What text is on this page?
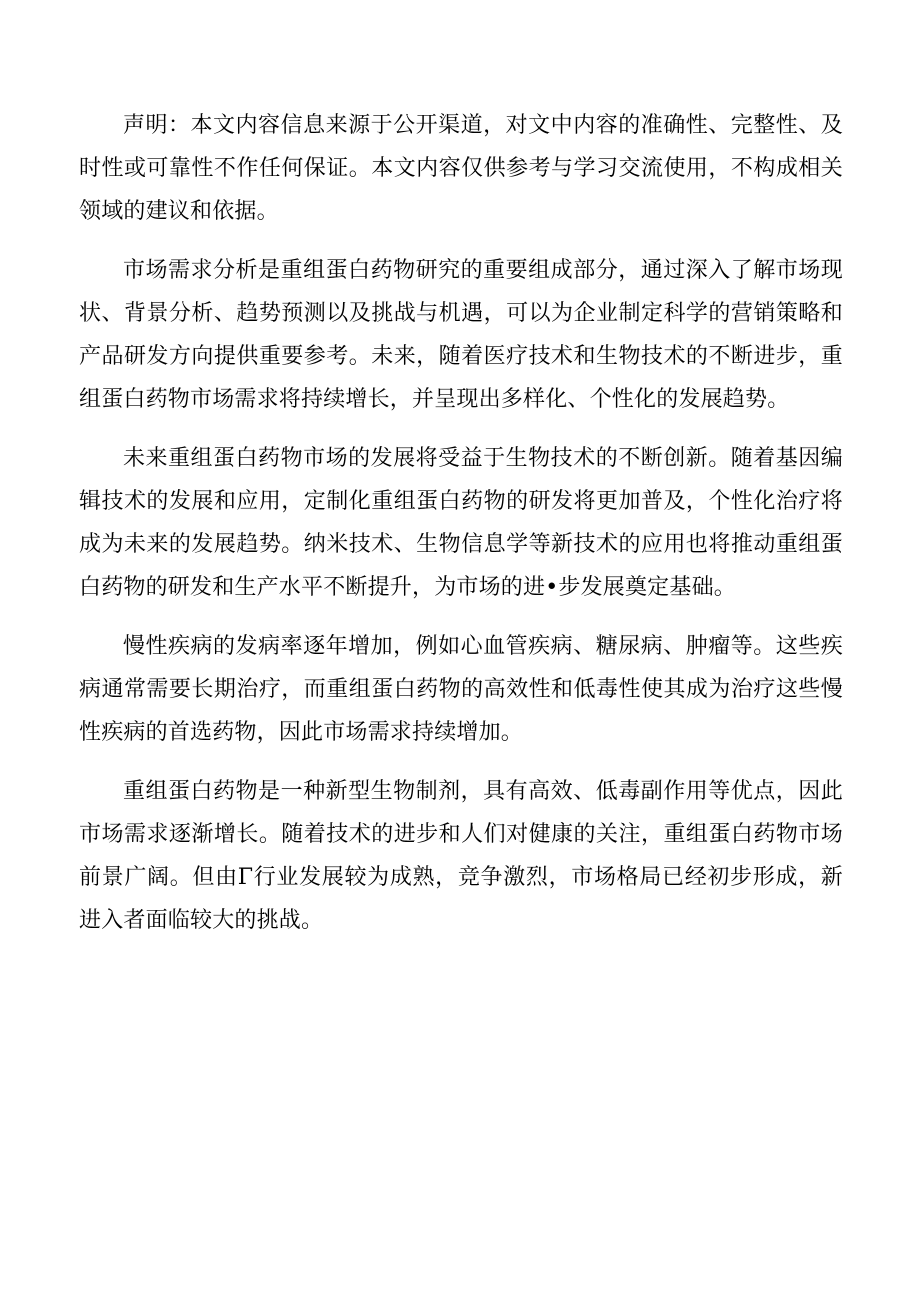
声明：本文内容信息来源于公开渠道，对文中内容的准确性、完整性、及时性或可靠性不作任何保证。本文内容仅供参考与学习交流使用，不构成相关领域的建议和依据。

市场需求分析是重组蛋白药物研究的重要组成部分，通过深入了解市场现状、背景分析、趋势预测以及挑战与机遇，可以为企业制定科学的营销策略和产品研发方向提供重要参考。未来，随着医疗技术和生物技术的不断进步，重组蛋白药物市场需求将持续增长，并呈现出多样化、个性化的发展趋势。

未来重组蛋白药物市场的发展将受益于生物技术的不断创新。随着基因编辑技术的发展和应用，定制化重组蛋白药物的研发将更加普及，个性化治疗将成为未来的发展趋势。纳米技术、生物信息学等新技术的应用也将推动重组蛋白药物的研发和生产水平不断提升，为市场的进•步发展奠定基础。

慢性疾病的发病率逐年增加，例如心血管疾病、糖尿病、肿瘤等。这些疾病通常需要长期治疗，而重组蛋白药物的高效性和低毒性使其成为治疗这些慢性疾病的首选药物，因此市场需求持续增加。

重组蛋白药物是一种新型生物制剂，具有高效、低毒副作用等优点，因此市场需求逐渐增长。随着技术的进步和人们对健康的关注，重组蛋白药物市场前景广阔。但由Γ行业发展较为成熟，竞争激烈，市场格局已经初步形成，新进入者面临较大的挑战。
